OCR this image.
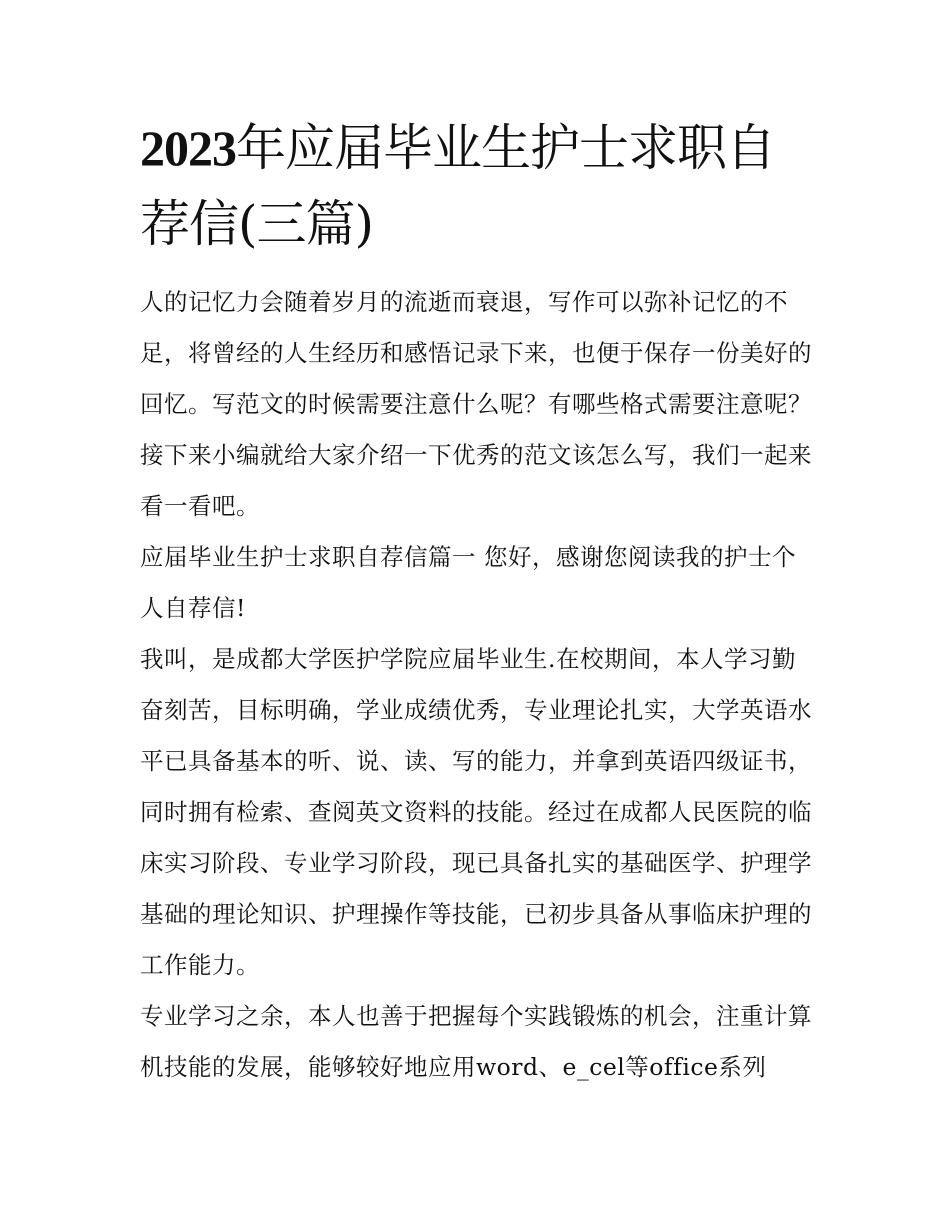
2023年应届毕业生护士求职自荐信(三篇)

人的记忆力会随着岁月的流逝而衰退，写作可以弥补记忆的不足，将曾经的人生经历和感悟记录下来，也便于保存一份美好的回忆。写范文的时候需要注意什么呢？有哪些格式需要注意呢？接下来小编就给大家介绍一下优秀的范文该怎么写，我们一起来看一看吧。

应届毕业生护士求职自荐信篇一 您好，感谢您阅读我的护士个人自荐信!

我叫，是成都大学医护学院应届毕业生.在校期间，本人学习勤奋刻苦，目标明确，学业成绩优秀，专业理论扎实，大学英语水平已具备基本的听、说、读、写的能力，并拿到英语四级证书，同时拥有检索、查阅英文资料的技能。经过在成都人民医院的临床实习阶段、专业学习阶段，现已具备扎实的基础医学、护理学基础的理论知识、护理操作等技能，已初步具备从事临床护理的工作能力。

专业学习之余，本人也善于把握每个实践锻炼的机会，注重计算机技能的发展，能够较好地应用word、e_cel等office系列
